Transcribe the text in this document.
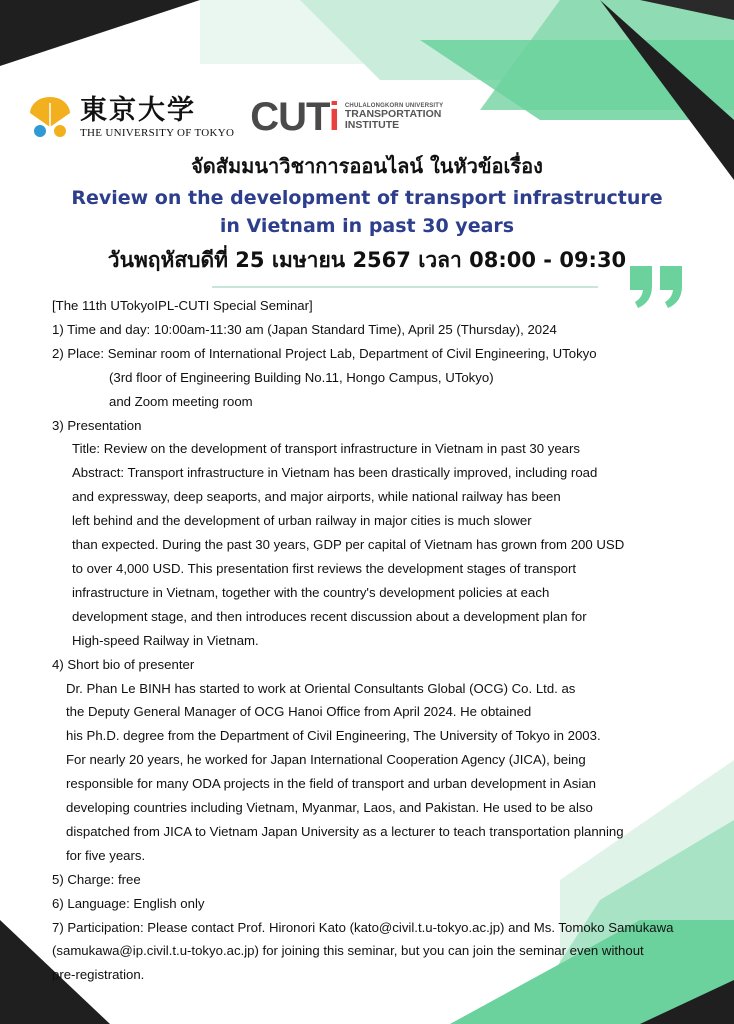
東京大学
THE UNIVERSITY OF TOKYO CUTi CHULALONGKORN UNIVERSITY
TRANSPORTATION
INSTITUTE
จัดสัมมนาวิชาการออนไลน์ ในหัวข้อเรื่อง
Review on the development of transport infrastructure
in Vietnam in past 30 years
วันพฤหัสบดีที่ 25 เมษายน 2567 เวลา 08:00 - 09:30

[The 11th UTokyoIPL-CUTI Special Seminar]

1) Time and day: 10:00am-11:30 am (Japan Standard Time), April 25 (Thursday), 2024

2) Place: Seminar room of International Project Lab, Department of Civil Engineering, UTokyo

(3rd floor of Engineering Building No.11, Hongo Campus, UTokyo)

and Zoom meeting room

3) Presentation

Title: Review on the development of transport infrastructure in Vietnam in past 30 years

Abstract: Transport infrastructure in Vietnam has been drastically improved, including road

and expressway, deep seaports, and major airports, while national railway has been

left behind and the development of urban railway in major cities is much slower

than expected. During the past 30 years, GDP per capital of Vietnam has grown from 200 USD

to over 4,000 USD. This presentation first reviews the development stages of transport

infrastructure in Vietnam, together with the country's development policies at each

development stage, and then introduces recent discussion about a development plan for

High-speed Railway in Vietnam.

4) Short bio of presenter

Dr. Phan Le BINH has started to work at Oriental Consultants Global (OCG) Co. Ltd. as

the Deputy General Manager of OCG Hanoi Office from April 2024. He obtained

his Ph.D. degree from the Department of Civil Engineering, The University of Tokyo in 2003.

For nearly 20 years, he worked for Japan International Cooperation Agency (JICA), being

responsible for many ODA projects in the field of transport and urban development in Asian

developing countries including Vietnam, Myanmar, Laos, and Pakistan. He used to be also

dispatched from JICA to Vietnam Japan University as a lecturer to teach transportation planning

for five years.

5) Charge: free

6) Language: English only

7) Participation: Please contact Prof. Hironori Kato (kato@civil.t.u-tokyo.ac.jp) and Ms. Tomoko Samukawa

(samukawa@ip.civil.t.u-tokyo.ac.jp) for joining this seminar, but you can join the seminar even without

pre-registration.
